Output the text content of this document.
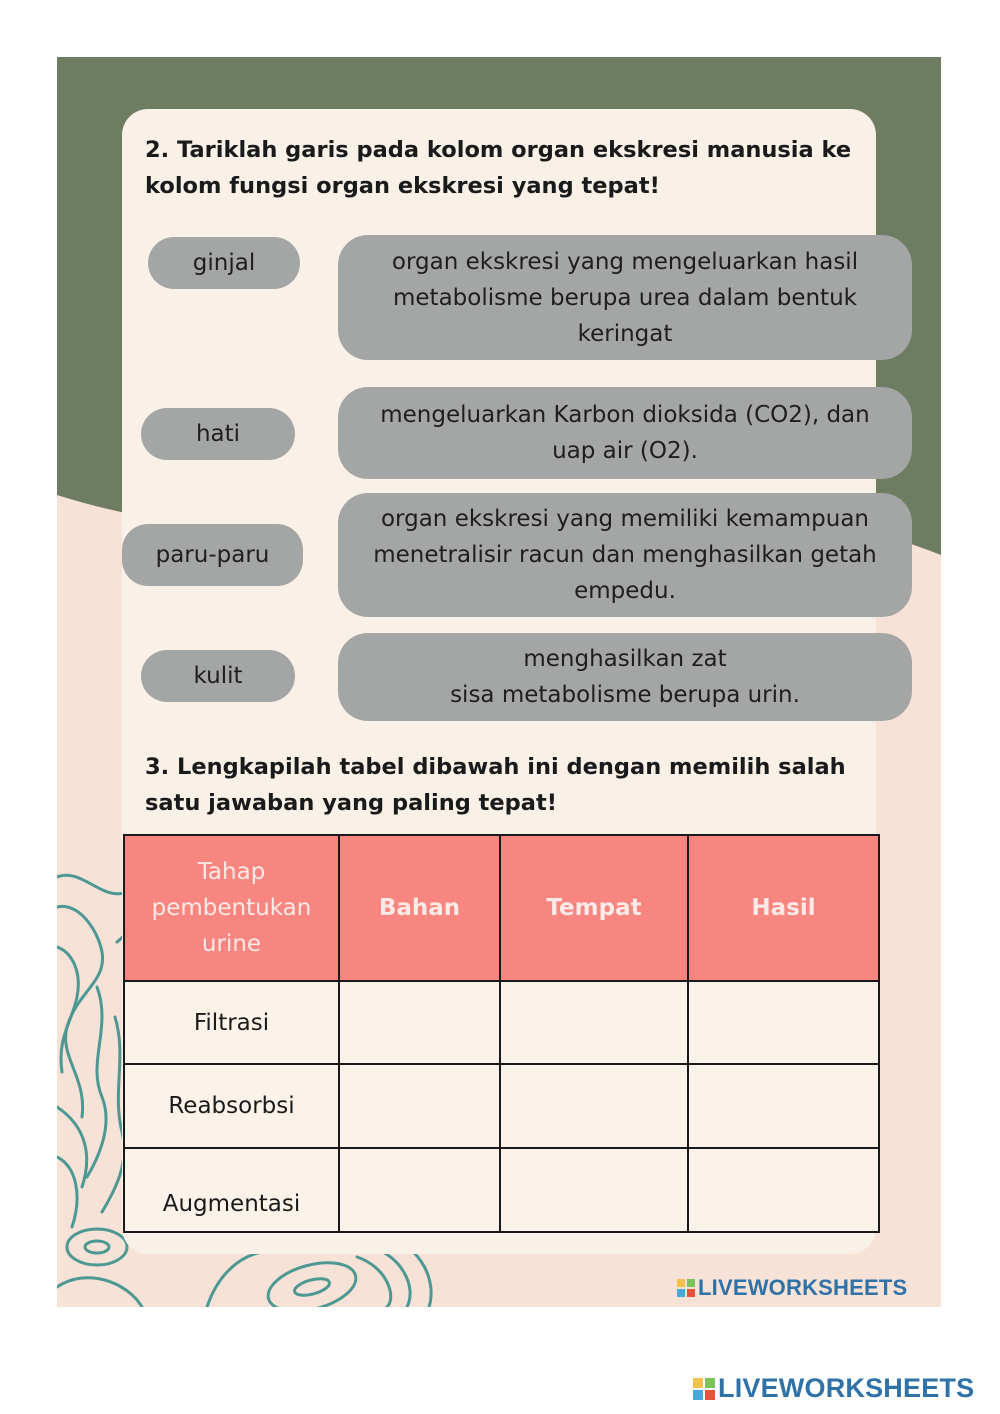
2. Tariklah garis pada kolom organ ekskresi manusia ke kolom fungsi organ ekskresi yang tepat!

ginjal
hati
paru-paru
kulit
organ ekskresi yang mengeluarkan hasil
metabolisme berupa urea dalam bentuk
keringat
mengeluarkan Karbon dioksida (CO2), dan
uap air (O2).
organ ekskresi yang memiliki kemampuan
menetralisir racun dan menghasilkan getah
empedu.
menghasilkan zat
sisa metabolisme berupa urin.

3. Lengkapilah tabel dibawah ini dengan memilih salah satu jawaban yang paling tepat!

Tahap pembentukan urine	Bahan	Tempat	Hasil
Filtrasi			
Reabsorbsi			
Augmentasi			
LIVEWORKSHEETS
LIVEWORKSHEETS
